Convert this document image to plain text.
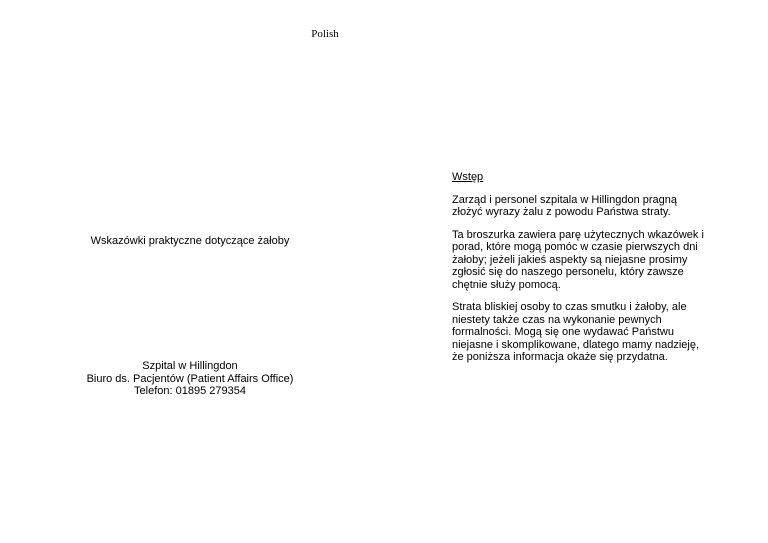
Polish
Wskazówki praktyczne dotyczące żałoby
Szpital w Hillingdon
Biuro ds. Pacjentów (Patient Affairs Office)
Telefon: 01895 279354
Wstęp
Zarząd i personel szpitala w Hillingdon pragną
złożyć wyrazy żalu z powodu Państwa straty.
Ta broszurka zawiera parę użytecznych wkazówek i
porad, które mogą pomóc w czasie pierwszych dni
żałoby; jeżeli jakieś aspekty są niejasne prosimy
zgłosić się do naszego personelu, który zawsze
chętnie służy pomocą.
Strata bliskiej osoby to czas smutku i żałoby, ale
niestety także czas na wykonanie pewnych
formalności. Mogą się one wydawać Państwu
niejasne i skomplikowane, dlatego mamy nadzieję,
że poniższa informacja okaże się przydatna.
